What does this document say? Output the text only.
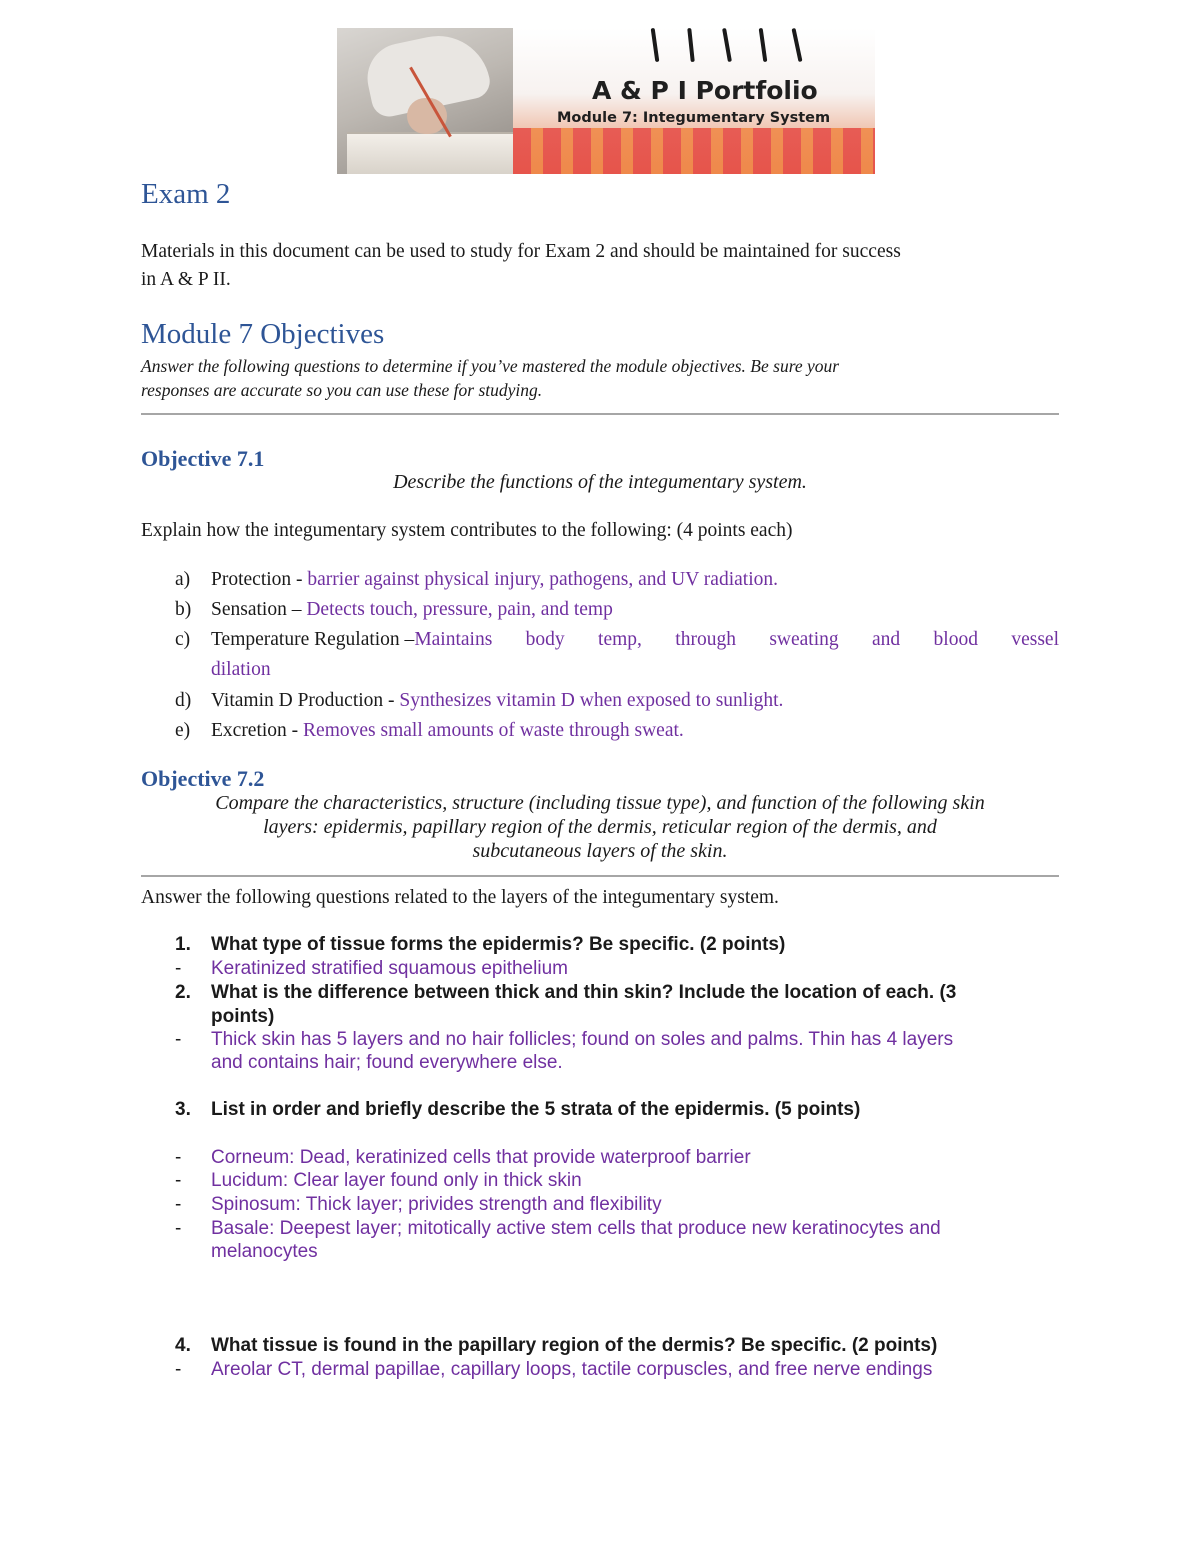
A & P I Portfolio
Module 7: Integumentary System
Exam 2
Materials in this document can be used to study for Exam 2 and should be maintained for success
in A & P II.
Module 7 Objectives
Answer the following questions to determine if you’ve mastered the module objectives. Be sure your
responses are accurate so you can use these for studying.
Objective 7.1
Describe the functions of the integumentary system.
Explain how the integumentary system contributes to the following: (4 points each)
a) Protection - barrier against physical injury, pathogens, and UV radiation.
b) Sensation – Detects touch, pressure, pain, and temp
c) Temperature Regulation – Maintains body temp, through sweating and blood vessel
dilation
d) Vitamin D Production - Synthesizes vitamin D when exposed to sunlight.
e) Excretion - Removes small amounts of waste through sweat.
Objective 7.2
Compare the characteristics, structure (including tissue type), and function of the following skin
layers: epidermis, papillary region of the dermis, reticular region of the dermis, and
subcutaneous layers of the skin.
Answer the following questions related to the layers of the integumentary system.
1. What type of tissue forms the epidermis? Be specific. (2 points)
- Keratinized stratified squamous epithelium
2. What is the difference between thick and thin skin? Include the location of each. (3
points)
- Thick skin has 5 layers and no hair follicles; found on soles and palms. Thin has 4 layers
and contains hair; found everywhere else.
3. List in order and briefly describe the 5 strata of the epidermis. (5 points)
- Corneum: Dead, keratinized cells that provide waterproof barrier
- Lucidum: Clear layer found only in thick skin
- Spinosum: Thick layer; privides strength and flexibility
- Basale: Deepest layer; mitotically active stem cells that produce new keratinocytes and
melanocytes
4. What tissue is found in the papillary region of the dermis? Be specific. (2 points)
- Areolar CT, dermal papillae, capillary loops, tactile corpuscles, and free nerve endings
